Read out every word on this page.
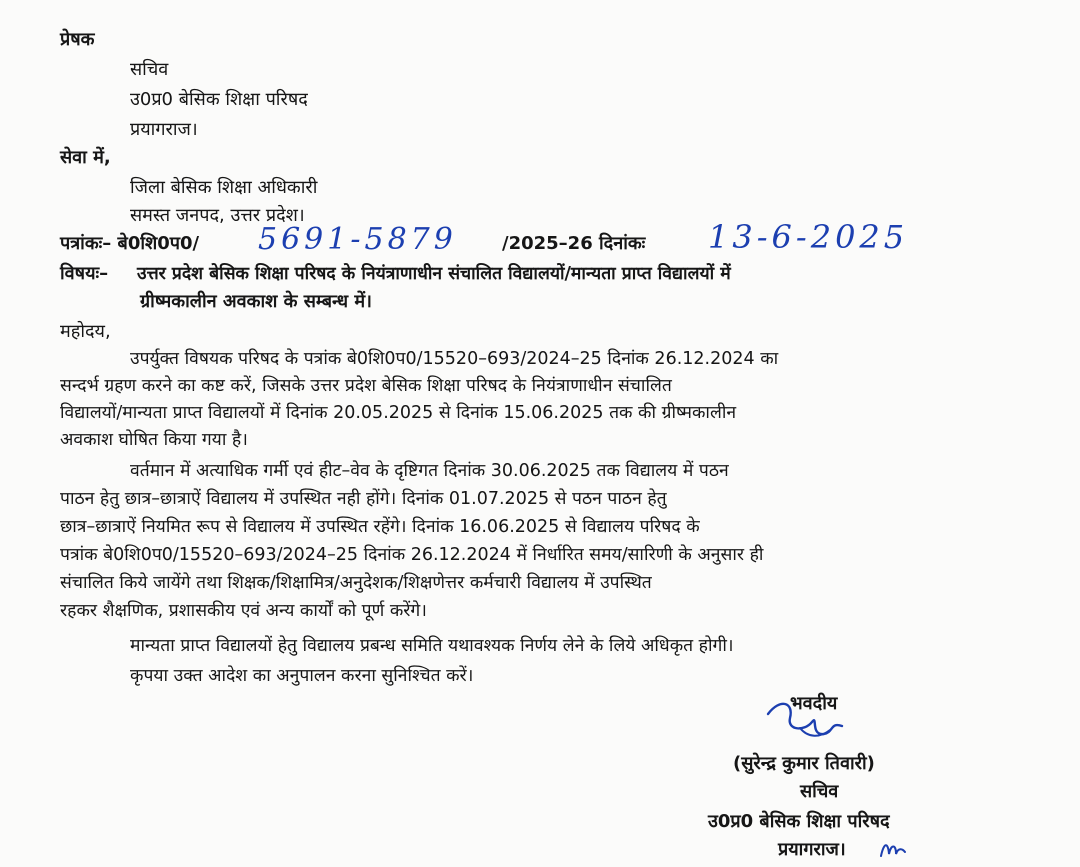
प्रेषक
सचिव
उ0प्र0 बेसिक शिक्षा परिषद
प्रयागराज।
सेवा में,
जिला बेसिक शिक्षा अधिकारी
समस्त जनपद, उत्तर प्रदेश।
पत्रांकः– बे0शि0प0/ 5691-5879	/2025–26 दिनांकः 13-6-2025
विषयः– उत्तर प्रदेश बेसिक शिक्षा परिषद के नियंत्राणाधीन संचालित विद्यालयों/मान्यता प्राप्त विद्यालयों में
ग्रीष्मकालीन अवकाश के सम्बन्ध में।
महोदय,
उपर्युक्त विषयक परिषद के पत्रांक बे0शि0प0/15520–693/2024–25 दिनांक 26.12.2024 का
सन्दर्भ ग्रहण करने का कष्ट करें, जिसके उत्तर प्रदेश बेसिक शिक्षा परिषद के नियंत्राणाधीन संचालित
विद्यालयों/मान्यता प्राप्त विद्यालयों में दिनांक 20.05.2025 से दिनांक 15.06.2025 तक की ग्रीष्मकालीन
अवकाश घोषित किया गया है।
वर्तमान में अत्याधिक गर्मी एवं हीट–वेव के दृष्टिगत दिनांक 30.06.2025 तक विद्यालय में पठन
पाठन हेतु छात्र–छात्राऐं विद्यालय में उपस्थित नही होंगे। दिनांक 01.07.2025 से पठन पाठन हेतु
छात्र–छात्राऐं नियमित रूप से विद्यालय में उपस्थित रहेंगे। दिनांक 16.06.2025 से विद्यालय परिषद के
पत्रांक बे0शि0प0/15520–693/2024–25 दिनांक 26.12.2024 में निर्धारित समय/सारिणी के अनुसार ही
संचालित किये जायेंगे तथा शिक्षक/शिक्षामित्र/अनुदेशक/शिक्षणेत्तर कर्मचारी विद्यालय में उपस्थित
रहकर शैक्षणिक, प्रशासकीय एवं अन्य कार्यों को पूर्ण करेंगे।
मान्यता प्राप्त विद्यालयों हेतु विद्यालय प्रबन्ध समिति यथावश्यक निर्णय लेने के लिये अधिकृत होगी।
कृपया उक्त आदेश का अनुपालन करना सुनिश्चित करें।
भवदीय
(सुरेन्द्र कुमार तिवारी)
सचिव
उ0प्र0 बेसिक शिक्षा परिषद
प्रयागराज।
